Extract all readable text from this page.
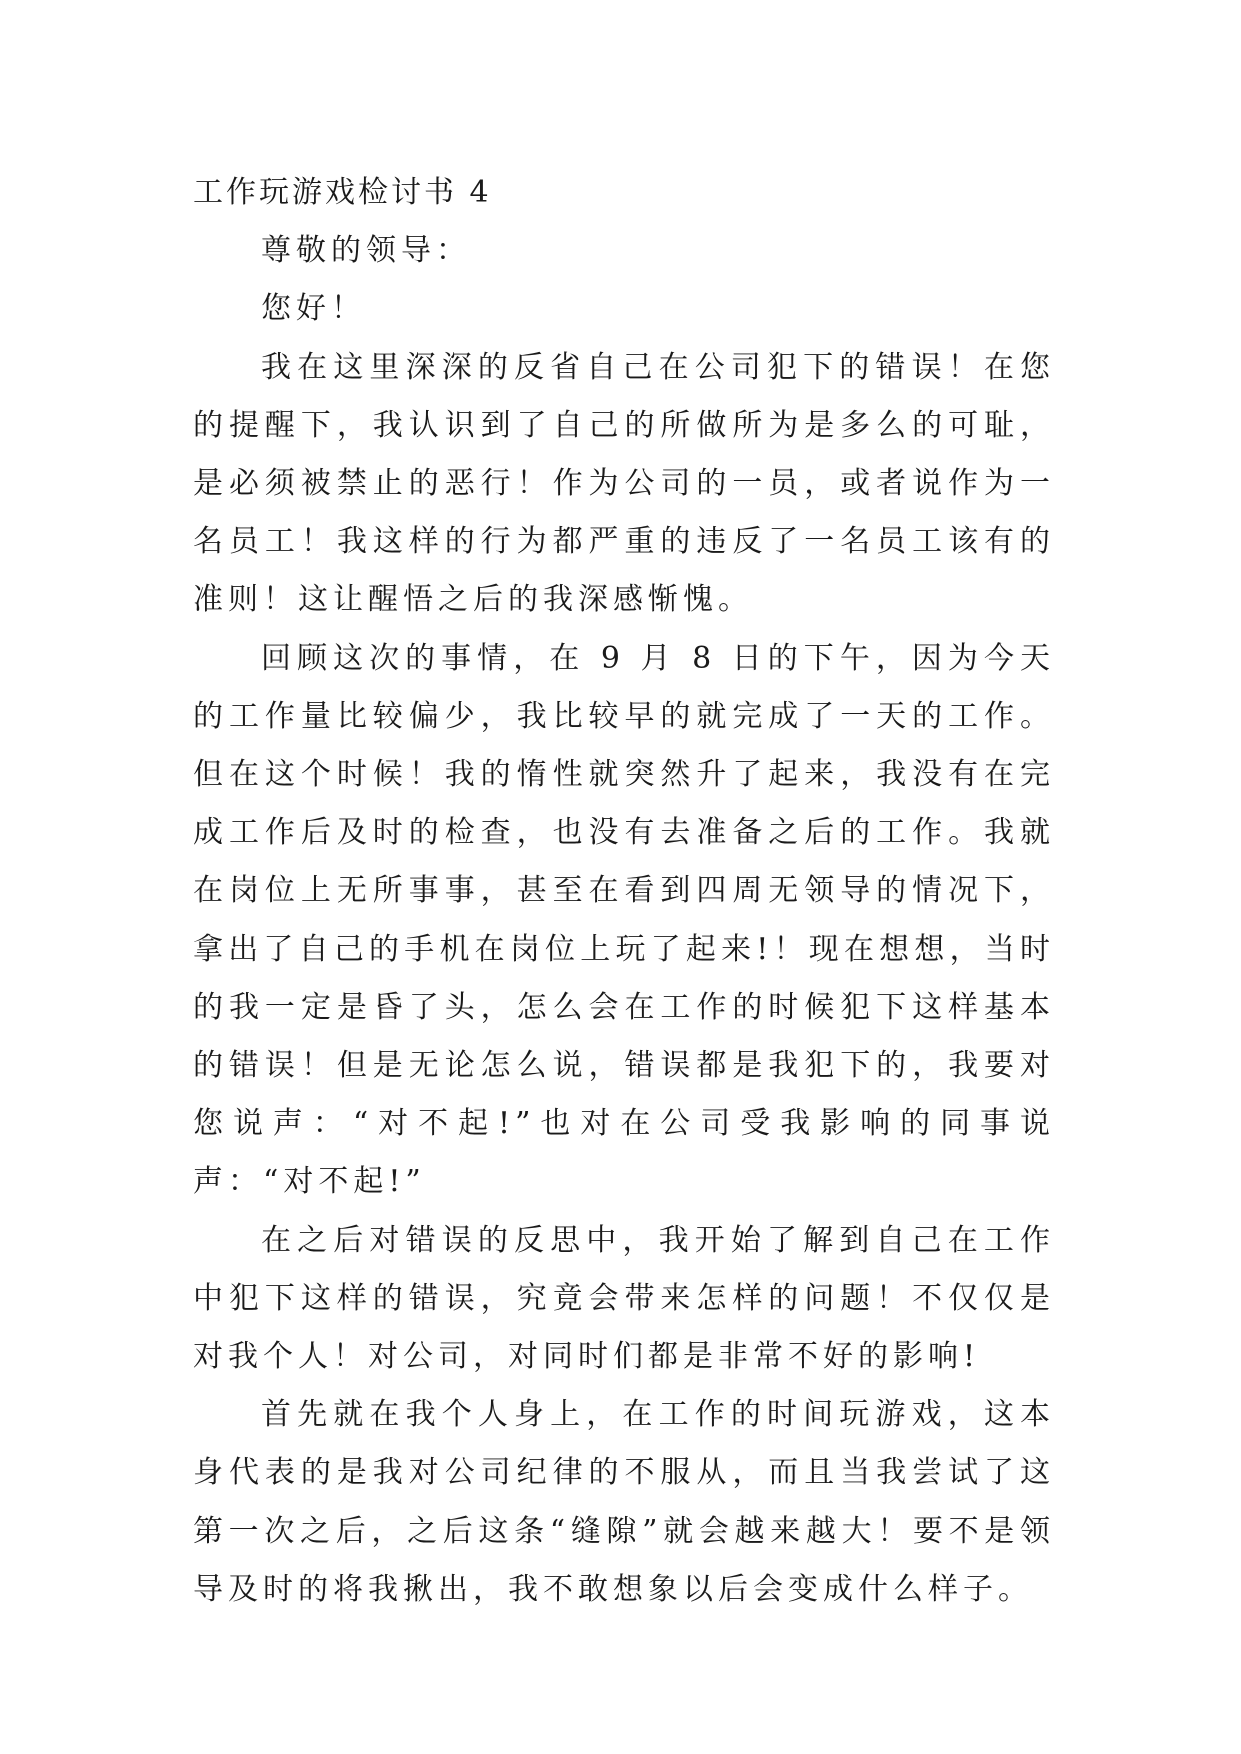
工作玩游戏检讨书 4

尊敬的领导：

您好！

我在这里深深的反省自己在公司犯下的错误！在您的提醒下，我认识到了自己的所做所为是多么的可耻，是必须被禁止的恶行！作为公司的一员，或者说作为一名员工！我这样的行为都严重的违反了一名员工该有的准则！这让醒悟之后的我深感惭愧。

回顾这次的事情，在 9 月 8 日的下午，因为今天的工作量比较偏少，我比较早的就完成了一天的工作。但在这个时候！我的惰性就突然升了起来，我没有在完成工作后及时的检查，也没有去准备之后的工作。我就在岗位上无所事事，甚至在看到四周无领导的情况下，拿出了自己的手机在岗位上玩了起来!！现在想想，当时的我一定是昏了头，怎么会在工作的时候犯下这样基本的错误！但是无论怎么说，错误都是我犯下的，我要对您说声：“对不起!”也对在公司受我影响的同事说声：“对不起!”

在之后对错误的反思中，我开始了解到自己在工作中犯下这样的错误，究竟会带来怎样的问题！不仅仅是对我个人！对公司，对同时们都是非常不好的影响!

首先就在我个人身上，在工作的时间玩游戏，这本身代表的是我对公司纪律的不服从，而且当我尝试了这第一次之后，之后这条“缝隙”就会越来越大！要不是领导及时的将我揪出，我不敢想象以后会变成什么样子。
